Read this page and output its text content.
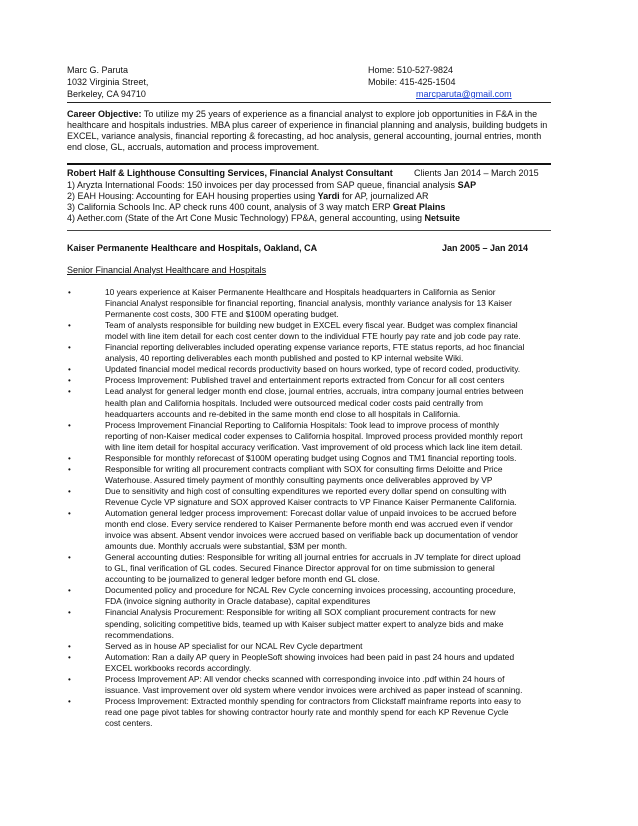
Marc G. Paruta
1032 Virginia Street,
Berkeley, CA 94710
Home: 510-527-9824
Mobile: 415-425-1504
marcparuta@gmail.com
Career Objective: To utilize my 25 years of experience as a financial analyst to explore job opportunities in F&A in the
healthcare and hospitals industries. MBA plus career of experience in financial planning and analysis, building budgets in
EXCEL, variance analysis, financial reporting & forecasting, ad hoc analysis, general accounting, journal entries, month
end close, GL, accruals, automation and process improvement.
Robert Half & Lighthouse Consulting Services, Financial Analyst Consultant Clients Jan 2014 – March 2015
1) Aryzta International Foods: 150 invoices per day processed from SAP queue, financial analysis SAP
2) EAH Housing: Accounting for EAH housing properties using Yardi for AP, journalized AR
3) California Schools Inc. AP check runs 400 count, analysis of 3 way match ERP Great Plains
4) Aether.com (State of the Art Cone Music Technology) FP&A, general accounting, using Netsuite
Kaiser Permanente Healthcare and Hospitals, Oakland, CA	Jan 2005 – Jan 2014
Senior Financial Analyst Healthcare and Hospitals
•	10 years experience at Kaiser Permanente Healthcare and Hospitals headquarters in California as Senior
Financial Analyst responsible for financial reporting, financial analysis, monthly variance analysis for 13 Kaiser
Permanente cost costs, 300 FTE and $100M operating budget.
•	Team of analysts responsible for building new budget in EXCEL every fiscal year. Budget was complex financial
model with line item detail for each cost center down to the individual FTE hourly pay rate and job code pay rate.
•	Financial reporting deliverables included operating expense variance reports, FTE status reports, ad hoc financial
analysis, 40 reporting deliverables each month published and posted to KP internal website Wiki.
•	Updated financial model medical records productivity based on hours worked, type of record coded, productivity.
•	Process Improvement: Published travel and entertainment reports extracted from Concur for all cost centers
•	Lead analyst for general ledger month end close, journal entries, accruals, intra company journal entries between
health plan and California hospitals. Included were outsourced medical coder costs paid centrally from
headquarters accounts and re-debited in the same month end close to all hospitals in California.
•	Process Improvement Financial Reporting to California Hospitals: Took lead to improve process of monthly
reporting of non-Kaiser medical coder expenses to California hospital. Improved process provided monthly report
with line item detail for hospital accuracy verification. Vast improvement of old process which lack line item detail.
•	Responsible for monthly reforecast of $100M operating budget using Cognos and TM1 financial reporting tools.
•	Responsible for writing all procurement contracts compliant with SOX for consulting firms Deloitte and Price
Waterhouse. Assured timely payment of monthly consulting payments once deliverables approved by VP
•	Due to sensitivity and high cost of consulting expenditures we reported every dollar spend on consulting with
Revenue Cycle VP signature and SOX approved Kaiser contracts to VP Finance Kaiser Permanente California.
•	Automation general ledger process improvement: Forecast dollar value of unpaid invoices to be accrued before
month end close. Every service rendered to Kaiser Permanente before month end was accrued even if vendor
invoice was absent. Absent vendor invoices were accrued based on verifiable back up documentation of vendor
amounts due. Monthly accruals were substantial, $3M per month.
•	General accounting duties: Responsible for writing all journal entries for accruals in JV template for direct upload
to GL, final verification of GL codes. Secured Finance Director approval for on time submission to general
accounting to be journalized to general ledger before month end GL close.
•	Documented policy and procedure for NCAL Rev Cycle concerning invoices processing, accounting procedure,
FDA (invoice signing authority in Oracle database), capital expenditures
•	Financial Analysis Procurement: Responsible for writing all SOX compliant procurement contracts for new
spending, soliciting competitive bids, teamed up with Kaiser subject matter expert to analyze bids and make
recommendations.
•	Served as in house AP specialist for our NCAL Rev Cycle department
•	Automation: Ran a daily AP query in PeopleSoft showing invoices had been paid in past 24 hours and updated
EXCEL workbooks records accordingly.
•	Process Improvement AP: All vendor checks scanned with corresponding invoice into .pdf within 24 hours of
issuance. Vast improvement over old system where vendor invoices were archived as paper instead of scanning.
•	Process Improvement: Extracted monthly spending for contractors from Clickstaff mainframe reports into easy to
read one page pivot tables for showing contractor hourly rate and monthly spend for each KP Revenue Cycle
cost centers.
